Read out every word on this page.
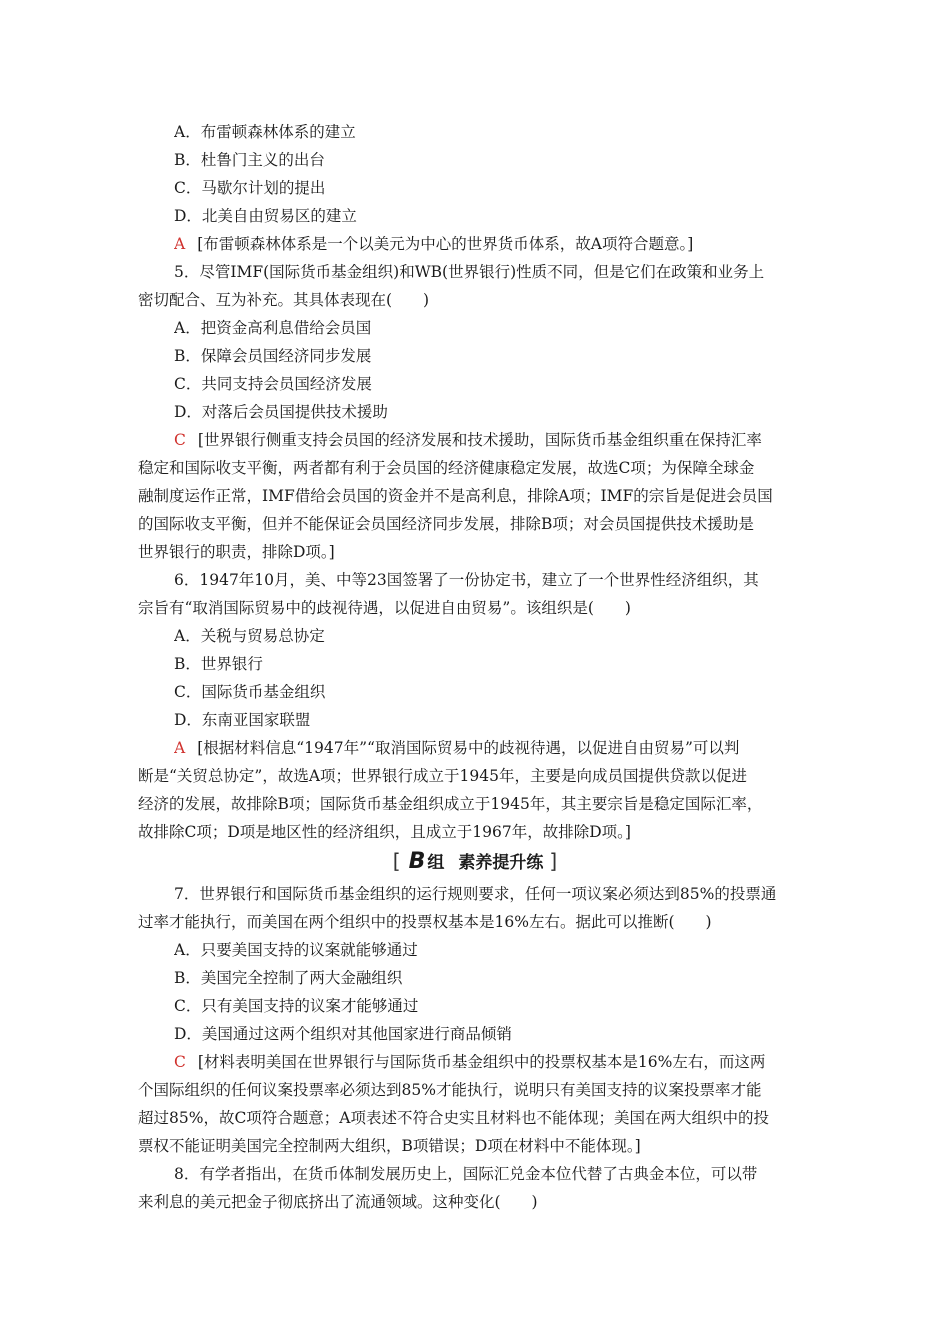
A．布雷顿森林体系的建立
B．杜鲁门主义的出台
C．马歇尔计划的提出
D．北美自由贸易区的建立
A [布雷顿森林体系是一个以美元为中心的世界货币体系，故A项符合题意。]
5．尽管IMF(国际货币基金组织)和WB(世界银行)性质不同，但是它们在政策和业务上
密切配合、互为补充。其具体表现在(　　)
A．把资金高利息借给会员国
B．保障会员国经济同步发展
C．共同支持会员国经济发展
D．对落后会员国提供技术援助
C [世界银行侧重支持会员国的经济发展和技术援助，国际货币基金组织重在保持汇率
稳定和国际收支平衡，两者都有利于会员国的经济健康稳定发展，故选C项；为保障全球金
融制度运作正常，IMF借给会员国的资金并不是高利息，排除A项；IMF的宗旨是促进会员国
的国际收支平衡，但并不能保证会员国经济同步发展，排除B项；对会员国提供技术援助是
世界银行的职责，排除D项。]
6．1947年10月，美、中等23国签署了一份协定书，建立了一个世界性经济组织，其
宗旨有“取消国际贸易中的歧视待遇，以促进自由贸易”。该组织是(　　)
A．关税与贸易总协定
B．世界银行
C．国际货币基金组织
D．东南亚国家联盟
A [根据材料信息“1947年”“取消国际贸易中的歧视待遇，以促进自由贸易”可以判
断是“关贸总协定”，故选A项；世界银行成立于1945年，主要是向成员国提供贷款以促进
经济的发展，故排除B项；国际货币基金组织成立于1945年，其主要宗旨是稳定国际汇率，
故排除C项；D项是地区性的经济组织，且成立于1967年，故排除D项。]
[ B 组 素养提升练 ]
7．世界银行和国际货币基金组织的运行规则要求，任何一项议案必须达到85%的投票通
过率才能执行，而美国在两个组织中的投票权基本是16%左右。据此可以推断(　　)
A．只要美国支持的议案就能够通过
B．美国完全控制了两大金融组织
C．只有美国支持的议案才能够通过
D．美国通过这两个组织对其他国家进行商品倾销
C [材料表明美国在世界银行与国际货币基金组织中的投票权基本是16%左右，而这两
个国际组织的任何议案投票率必须达到85%才能执行，说明只有美国支持的议案投票率才能
超过85%，故C项符合题意；A项表述不符合史实且材料也不能体现；美国在两大组织中的投
票权不能证明美国完全控制两大组织，B项错误；D项在材料中不能体现。]
8．有学者指出，在货币体制发展历史上，国际汇兑金本位代替了古典金本位，可以带
来利息的美元把金子彻底挤出了流通领域。这种变化(　　)
